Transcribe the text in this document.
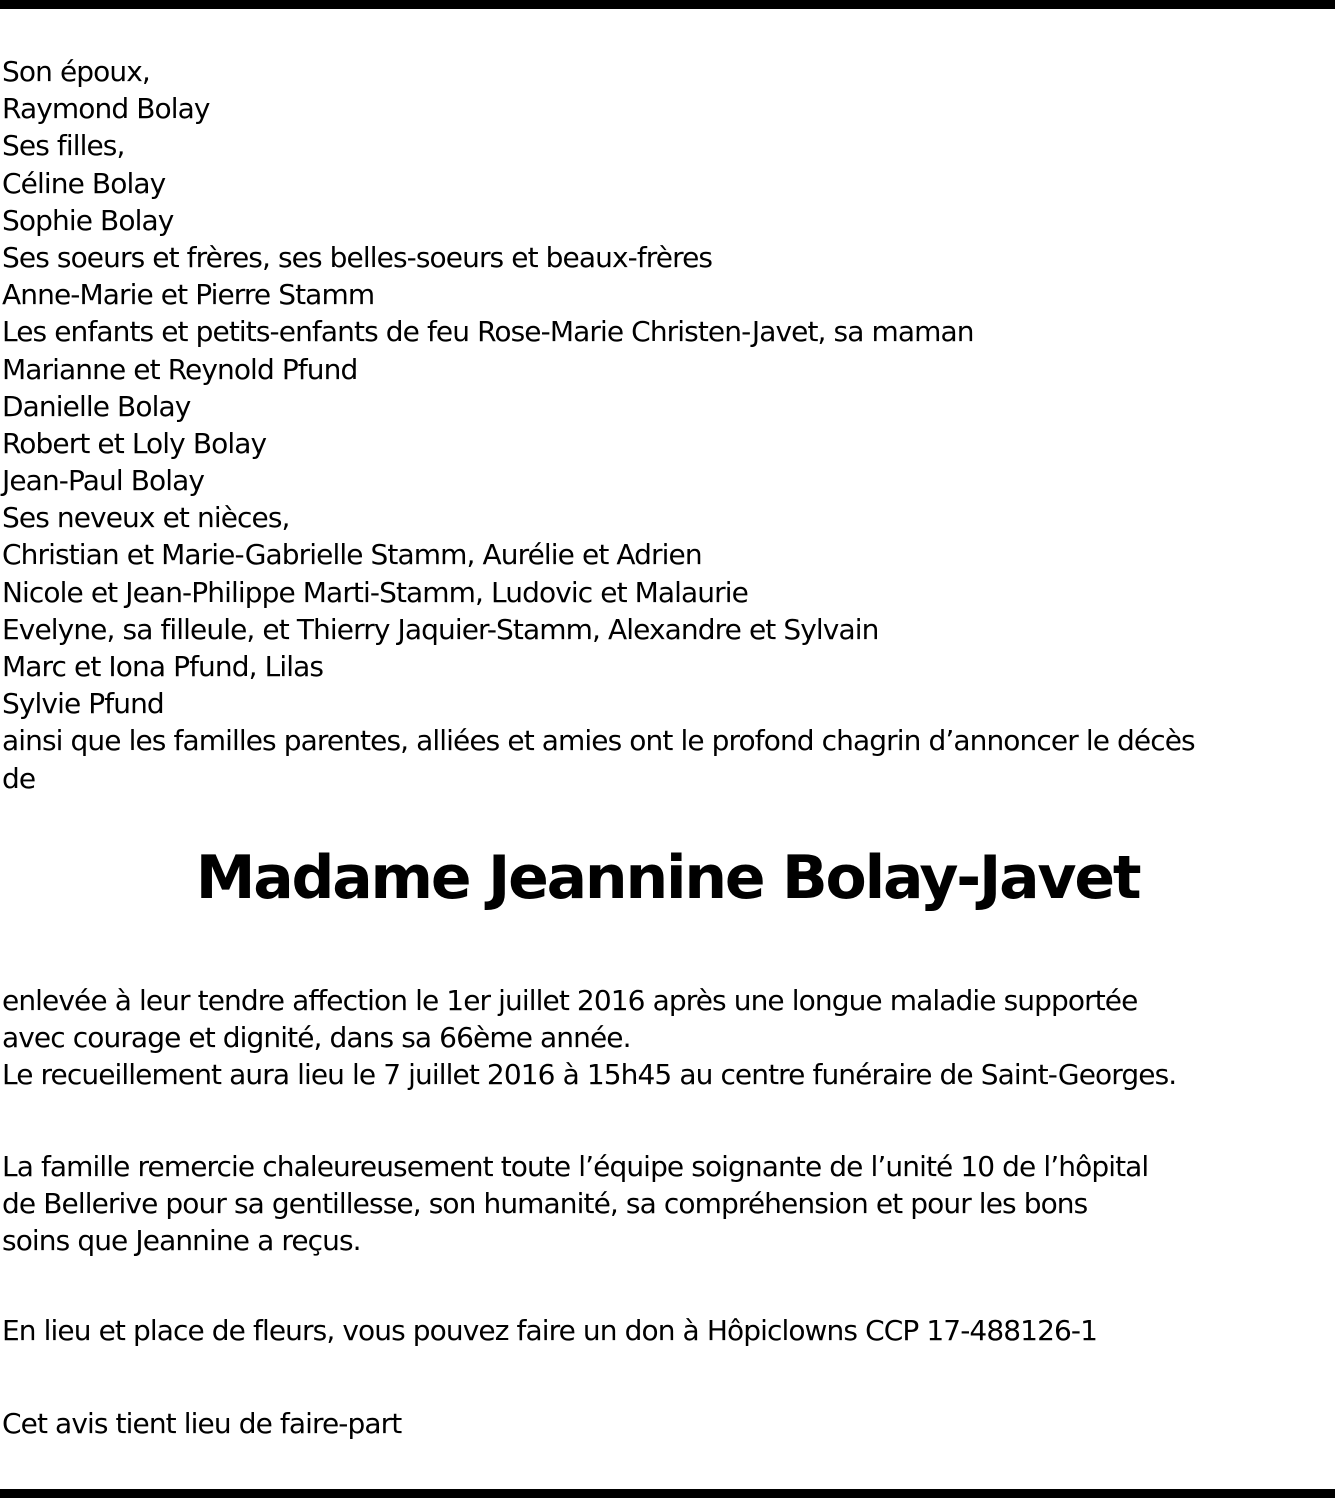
Son époux,
Raymond Bolay
Ses filles,
Céline Bolay
Sophie Bolay
Ses soeurs et frères, ses belles-soeurs et beaux-frères
Anne-Marie et Pierre Stamm
Les enfants et petits-enfants de feu Rose-Marie Christen-Javet, sa maman
Marianne et Reynold Pfund
Danielle Bolay
Robert et Loly Bolay
Jean-Paul Bolay
Ses neveux et nièces,
Christian et Marie-Gabrielle Stamm, Aurélie et Adrien
Nicole et Jean-Philippe Marti-Stamm, Ludovic et Malaurie
Evelyne, sa filleule, et Thierry Jaquier-Stamm, Alexandre et Sylvain
Marc et Iona Pfund, Lilas
Sylvie Pfund
ainsi que les familles parentes, alliées et amies ont le profond chagrin d’annoncer le décès
de
Madame Jeannine Bolay-Javet
enlevée à leur tendre affection le 1er juillet 2016 après une longue maladie supportée
avec courage et dignité, dans sa 66ème année.
Le recueillement aura lieu le 7 juillet 2016 à 15h45 au centre funéraire de Saint-Georges.
La famille remercie chaleureusement toute l’équipe soignante de l’unité 10 de l’hôpital
de Bellerive pour sa gentillesse, son humanité, sa compréhension et pour les bons
soins que Jeannine a reçus.
En lieu et place de fleurs, vous pouvez faire un don à Hôpiclowns CCP 17-488126-1
Cet avis tient lieu de faire-part
